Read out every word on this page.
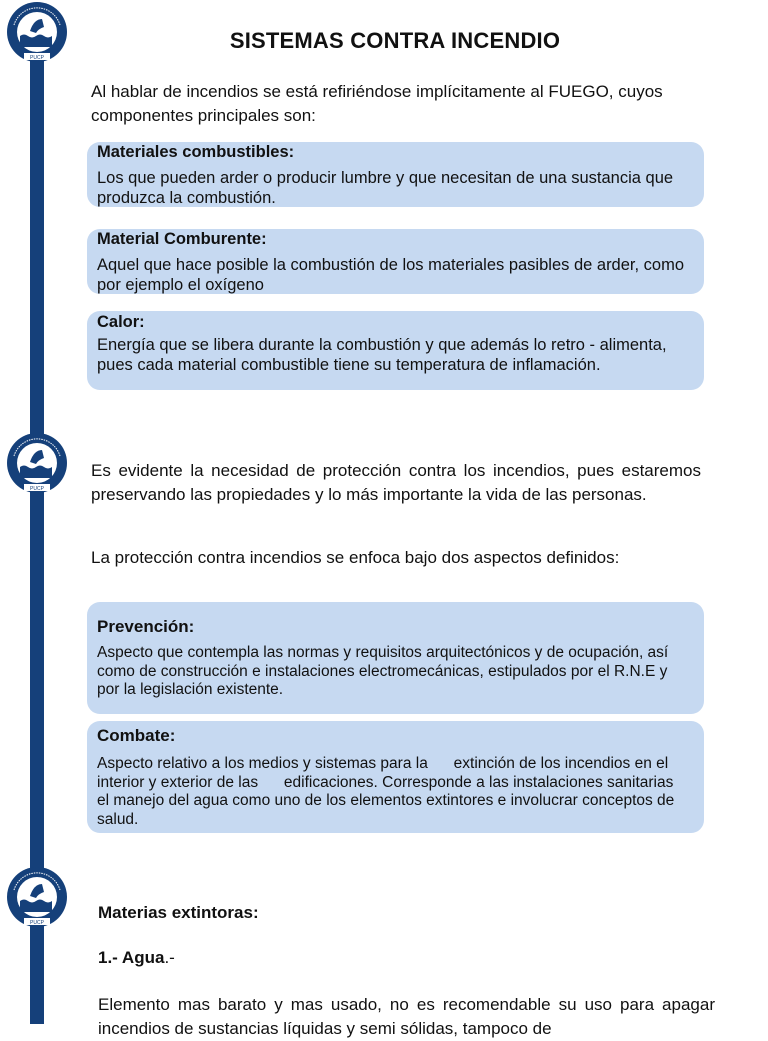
PUCP
PUCP
PUCP
SISTEMAS CONTRA INCENDIO
Al hablar de incendios se está refiriéndose implícitamente al FUEGO, cuyos componentes principales son:
Materiales combustibles:
Los que pueden arder o producir lumbre y que necesitan de una sustancia que produzca la combustión.
Material Comburente:
Aquel que hace posible la combustión de los materiales pasibles de arder, como por ejemplo el oxígeno
Calor:
Energía que se libera durante la combustión y que además lo retro - alimenta, pues cada material combustible tiene su temperatura de inflamación.
Es evidente la necesidad de protección contra los incendios, pues estaremos preservando las propiedades y lo más importante la vida de las personas.
La protección contra incendios se enfoca bajo dos aspectos definidos:
Prevención:
Aspecto que contempla las normas y requisitos arquitectónicos y de ocupación, así como de construcción e instalaciones electromecánicas, estipulados por el R.N.E y por la legislación existente.
Combate:
Aspecto relativo a los medios y sistemas para la      extinción de los incendios en el interior y exterior de las      edificaciones. Corresponde a las instalaciones sanitarias    el manejo del agua como uno de los elementos extintores e involucrar conceptos de salud.
Materias extintoras:
1.- Agua.-
Elemento mas barato y mas usado, no es recomendable su uso para apagar incendios de sustancias líquidas y semi sólidas, tampoco de
